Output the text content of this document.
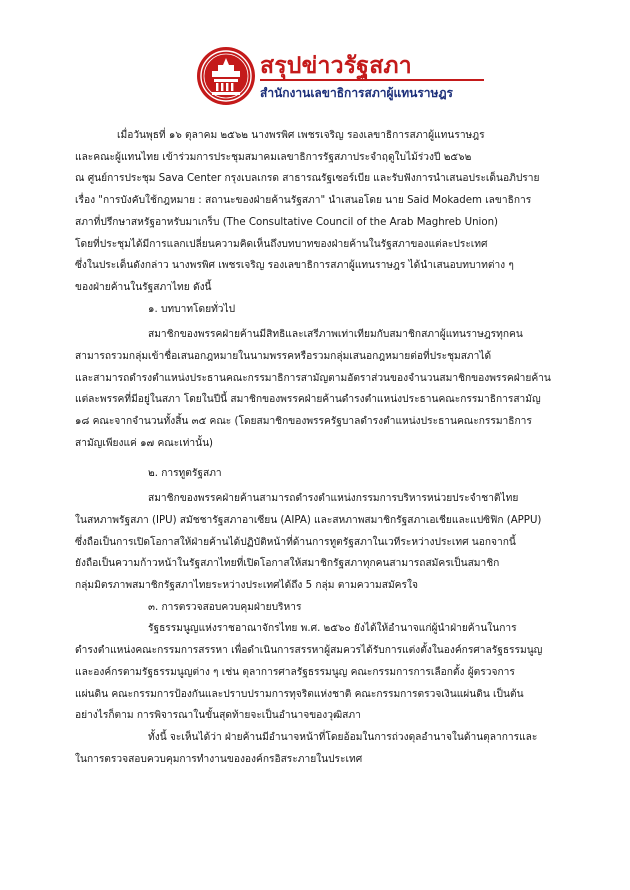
สรุปข่าวรัฐสภา
สำนักงานเลขาธิการสภาผู้แทนราษฎร
เมื่อวันพุธที่ ๑๖ ตุลาคม ๒๕๖๒ นางพรพิศ เพชรเจริญ รองเลขาธิการสภาผู้แทนราษฎร
และคณะผู้แทนไทย เข้าร่วมการประชุมสมาคมเลขาธิการรัฐสภาประจำฤดูใบไม้ร่วงปี ๒๕๖๒
ณ ศูนย์การประชุม Sava Center กรุงเบลเกรด สาธารณรัฐเซอร์เบีย และรับฟังการนำเสนอประเด็นอภิปราย
เรื่อง "การบังคับใช้กฎหมาย : สถานะของฝ่ายค้านรัฐสภา" นำเสนอโดย นาย Said Mokadem เลขาธิการ
สภาที่ปรึกษาสหรัฐอาหรับมาเกร็บ (The Consultative Council of the Arab Maghreb Union)
โดยที่ประชุมได้มีการแลกเปลี่ยนความคิดเห็นถึงบทบาทของฝ่ายค้านในรัฐสภาของแต่ละประเทศ
ซึ่งในประเด็นดังกล่าว นางพรพิศ เพชรเจริญ รองเลขาธิการสภาผู้แทนราษฎร ได้นำเสนอบทบาทต่าง ๆ
ของฝ่ายค้านในรัฐสภาไทย ดังนี้
๑. บทบาทโดยทั่วไป
สมาชิกของพรรคฝ่ายค้านมีสิทธิและเสรีภาพเท่าเทียมกับสมาชิกสภาผู้แทนราษฎรทุกคน
สามารถรวมกลุ่มเข้าชื่อเสนอกฎหมายในนามพรรคหรือรวมกลุ่มเสนอกฎหมายต่อที่ประชุมสภาได้
และสามารถดำรงตำแหน่งประธานคณะกรรมาธิการสามัญตามอัตราส่วนของจำนวนสมาชิกของพรรคฝ่ายค้าน
แต่ละพรรคที่มีอยู่ในสภา โดยในปีนี้ สมาชิกของพรรคฝ่ายค้านดำรงตำแหน่งประธานคณะกรรมาธิการสามัญ
๑๘ คณะจากจำนวนทั้งสิ้น ๓๕ คณะ (โดยสมาชิกของพรรครัฐบาลดำรงตำแหน่งประธานคณะกรรมาธิการ
สามัญเพียงแค่ ๑๗ คณะเท่านั้น)
๒. การทูตรัฐสภา
สมาชิกของพรรคฝ่ายค้านสามารถดำรงตำแหน่งกรรมการบริหารหน่วยประจำชาติไทย
ในสหภาพรัฐสภา (IPU) สมัชชารัฐสภาอาเซียน (AIPA) และสหภาพสมาชิกรัฐสภาเอเชียและแปซิฟิก (APPU)
ซึ่งถือเป็นการเปิดโอกาสให้ฝ่ายค้านได้ปฏิบัติหน้าที่ด้านการทูตรัฐสภาในเวทีระหว่างประเทศ นอกจากนี้
ยังถือเป็นความก้าวหน้าในรัฐสภาไทยที่เปิดโอกาสให้สมาชิกรัฐสภาทุกคนสามารถสมัครเป็นสมาชิก
กลุ่มมิตรภาพสมาชิกรัฐสภาไทยระหว่างประเทศได้ถึง 5 กลุ่ม ตามความสมัครใจ
๓. การตรวจสอบควบคุมฝ่ายบริหาร
รัฐธรรมนูญแห่งราชอาณาจักรไทย พ.ศ. ๒๕๖๐ ยังได้ให้อำนาจแก่ผู้นำฝ่ายค้านในการ
ดำรงตำแหน่งคณะกรรมการสรรหา เพื่อดำเนินการสรรหาผู้สมควรได้รับการแต่งตั้งในองค์กรศาลรัฐธรรมนูญ
และองค์กรตามรัฐธรรมนูญต่าง ๆ เช่น ตุลาการศาลรัฐธรรมนูญ คณะกรรมการการเลือกตั้ง ผู้ตรวจการ
แผ่นดิน คณะกรรมการป้องกันและปราบปรามการทุจริตแห่งชาติ คณะกรรมการตรวจเงินแผ่นดิน เป็นต้น
อย่างไรก็ตาม การพิจารณาในขั้นสุดท้ายจะเป็นอำนาจของวุฒิสภา
ทั้งนี้ จะเห็นได้ว่า ฝ่ายค้านมีอำนาจหน้าที่โดยอ้อมในการถ่วงดุลอำนาจในด้านตุลาการและ
ในการตรวจสอบควบคุมการทำงานขององค์กรอิสระภายในประเทศ
